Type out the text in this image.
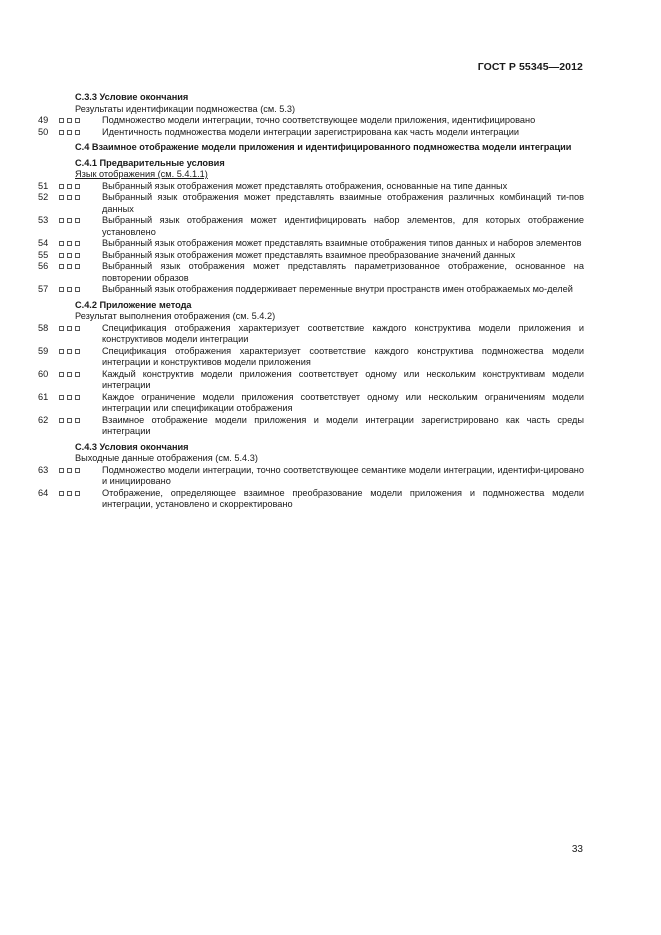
ГОСТ Р 55345—2012
С.3.3 Условие окончания
Результаты идентификации подмножества (см. 5.3)
49	Подмножество модели интеграции, точно соответствующее модели приложения, идентифицировано
50	Идентичность подмножества модели интеграции зарегистрирована как часть модели интеграции
С.4 Взаимное отображение модели приложения и идентифицированного подмножества модели интеграции
С.4.1 Предварительные условия
Язык отображения (см. 5.4.1.1)
51	Выбранный язык отображения может представлять отображения, основанные на типе данных
52	Выбранный язык отображения может представлять взаимные отображения различных комбинаций ти-пов данных
53	Выбранный язык отображения может идентифицировать набор элементов, для которых отображение установлено
54	Выбранный язык отображения может представлять взаимные отображения типов данных и наборов элементов
55	Выбранный язык отображения может представлять взаимное преобразование значений данных
56	Выбранный язык отображения может представлять параметризованное отображение, основанное на повторении образов
57	Выбранный язык отображения поддерживает переменные внутри пространств имен отображаемых мо-делей
С.4.2 Приложение метода
Результат выполнения отображения (см. 5.4.2)
58	Спецификация отображения характеризует соответствие каждого конструктива модели приложения и конструктивов модели интеграции
59	Спецификация отображения характеризует соответствие каждого конструктива подмножества модели интеграции и конструктивов модели приложения
60	Каждый конструктив модели приложения соответствует одному или нескольким конструктивам модели интеграции
61	Каждое ограничение модели приложения соответствует одному или нескольким ограничениям модели интеграции или спецификации отображения
62	Взаимное отображение модели приложения и модели интеграции зарегистрировано как часть среды интеграции
С.4.3 Условия окончания
Выходные данные отображения (см. 5.4.3)
63	Подмножество модели интеграции, точно соответствующее семантике модели интеграции, идентифи-цировано и инициировано
64	Отображение, определяющее взаимное преобразование модели приложения и подмножества модели интеграции, установлено и скорректировано
33
